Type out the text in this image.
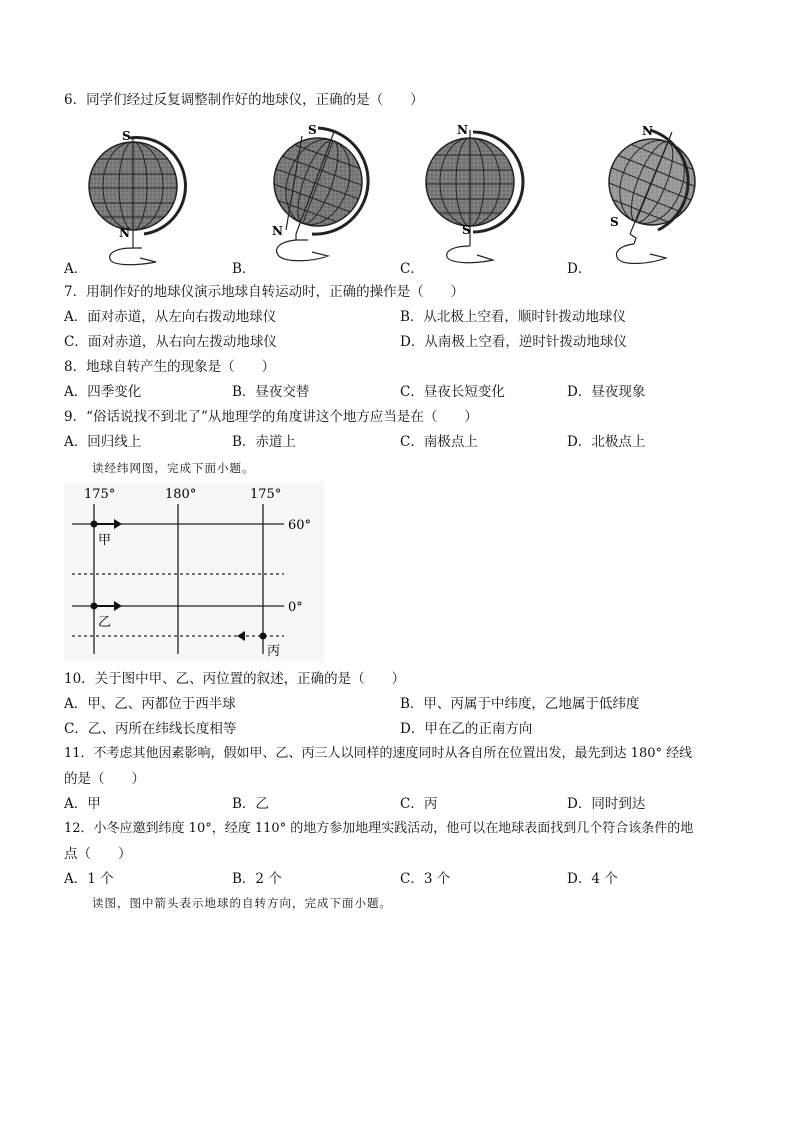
6．同学们经过反复调整制作好的地球仪，正确的是（　　）
S
N
S
N
N
S
N
S
A．	B．	C．	D．
7．用制作好的地球仪演示地球自转运动时，正确的操作是（　　）
A．面对赤道，从左向右拨动地球仪	B．从北极上空看，顺时针拨动地球仪
C．面对赤道，从右向左拨动地球仪	D．从南极上空看，逆时针拨动地球仪
8．地球自转产生的现象是（　　）
A．四季变化	B．昼夜交替	C．昼夜长短变化	D．昼夜现象
9．“俗话说找不到北了”从地理学的角度讲这个地方应当是在（　　）
A．回归线上	B．赤道上	C．南极点上	D．北极点上
读经纬网图，完成下面小题。
175°	180°	175°
60°
0°
甲
乙
丙
10．关于图中甲、乙、丙位置的叙述，正确的是（　　）
A．甲、乙、丙都位于西半球	B．甲、丙属于中纬度，乙地属于低纬度
C．乙、丙所在纬线长度相等	D．甲在乙的正南方向
11．不考虑其他因素影响，假如甲、乙、丙三人以同样的速度同时从各自所在位置出发，最先到达 180° 经线
的是（　　）
A．甲	B．乙	C．丙	D．同时到达
12．小冬应邀到纬度 10°，经度 110° 的地方参加地理实践活动，他可以在地球表面找到几个符合该条件的地
点（　　）
A．1 个	B．2 个	C．3 个	D．4 个
读图，图中箭头表示地球的自转方向，完成下面小题。
